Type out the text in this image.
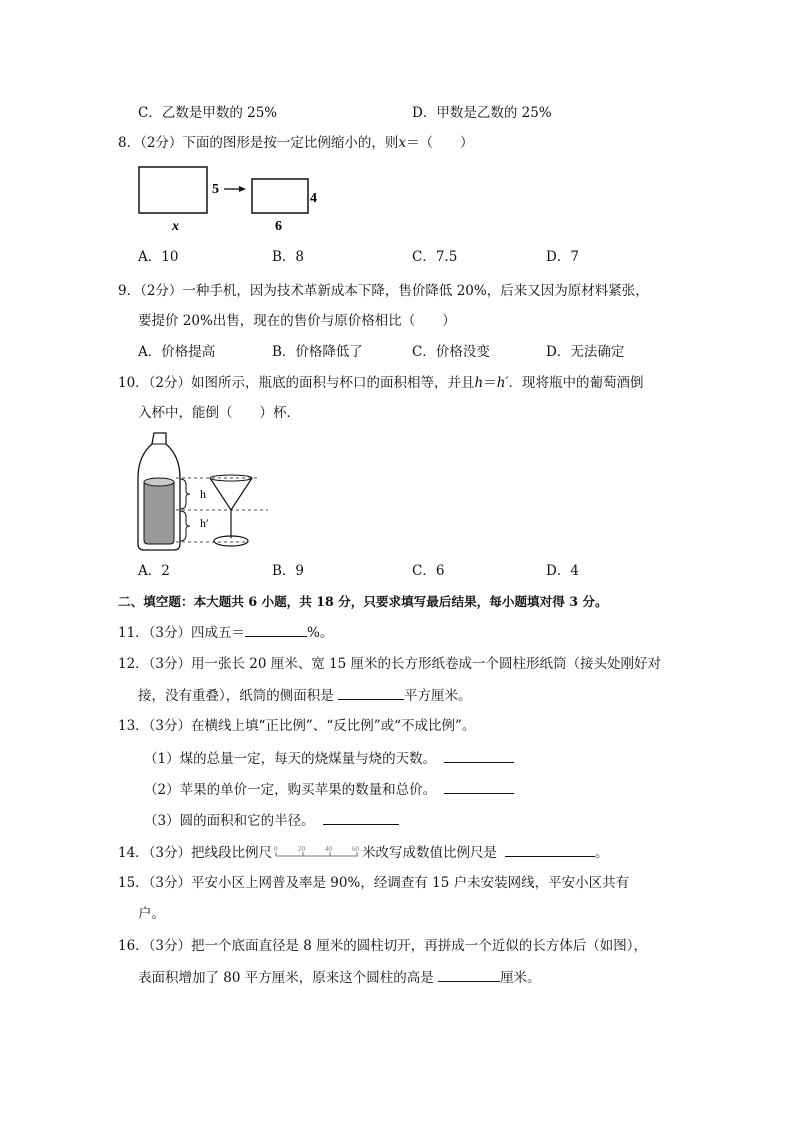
C．乙数是甲数的 25%	D．甲数是乙数的 25%
8．（2分）下面的图形是按一定比例缩小的，则x＝（　　）
5
4
x	6
A．10	B．8	C．7.5	D．7
9．（2分）一种手机，因为技术革新成本下降，售价降低 20%，后来又因为原材料紧张，
要提价 20%出售，现在的售价与原价格相比（　　）
A．价格提高	B．价格降低了	C．价格没变	D．无法确定
10．（2分）如图所示，瓶底的面积与杯口的面积相等，并且h＝h′．现将瓶中的葡萄酒倒
入杯中，能倒（　　）杯．
h
h′
A．2	B．9	C．6	D．4
二、填空题：本大题共 6 小题，共 18 分，只要求填写最后结果，每小题填对得 3 分。
11．（3分）四成五＝	%。
12．（3分）用一张长 20 厘米、宽 15 厘米的长方形纸卷成一个圆柱形纸筒（接头处刚好对
接，没有重叠），纸筒的侧面积是	平方厘米。
13．（3分）在横线上填“正比例”、“反比例”或“不成比例”。
（1）煤的总量一定，每天的烧煤量与烧的天数。
（2）苹果的单价一定，购买苹果的数量和总价。
（3）圆的面积和它的半径。
14．（3分）把线段比例尺 0	20	40	60 米改写成数值比例尺是	。
15．（3分）平安小区上网普及率是 90%，经调查有 15 户未安装网线，平安小区共有
户。
16．（3分）把一个底面直径是 8 厘米的圆柱切开，再拼成一个近似的长方体后（如图），
表面积增加了 80 平方厘米，原来这个圆柱的高是	厘米。
